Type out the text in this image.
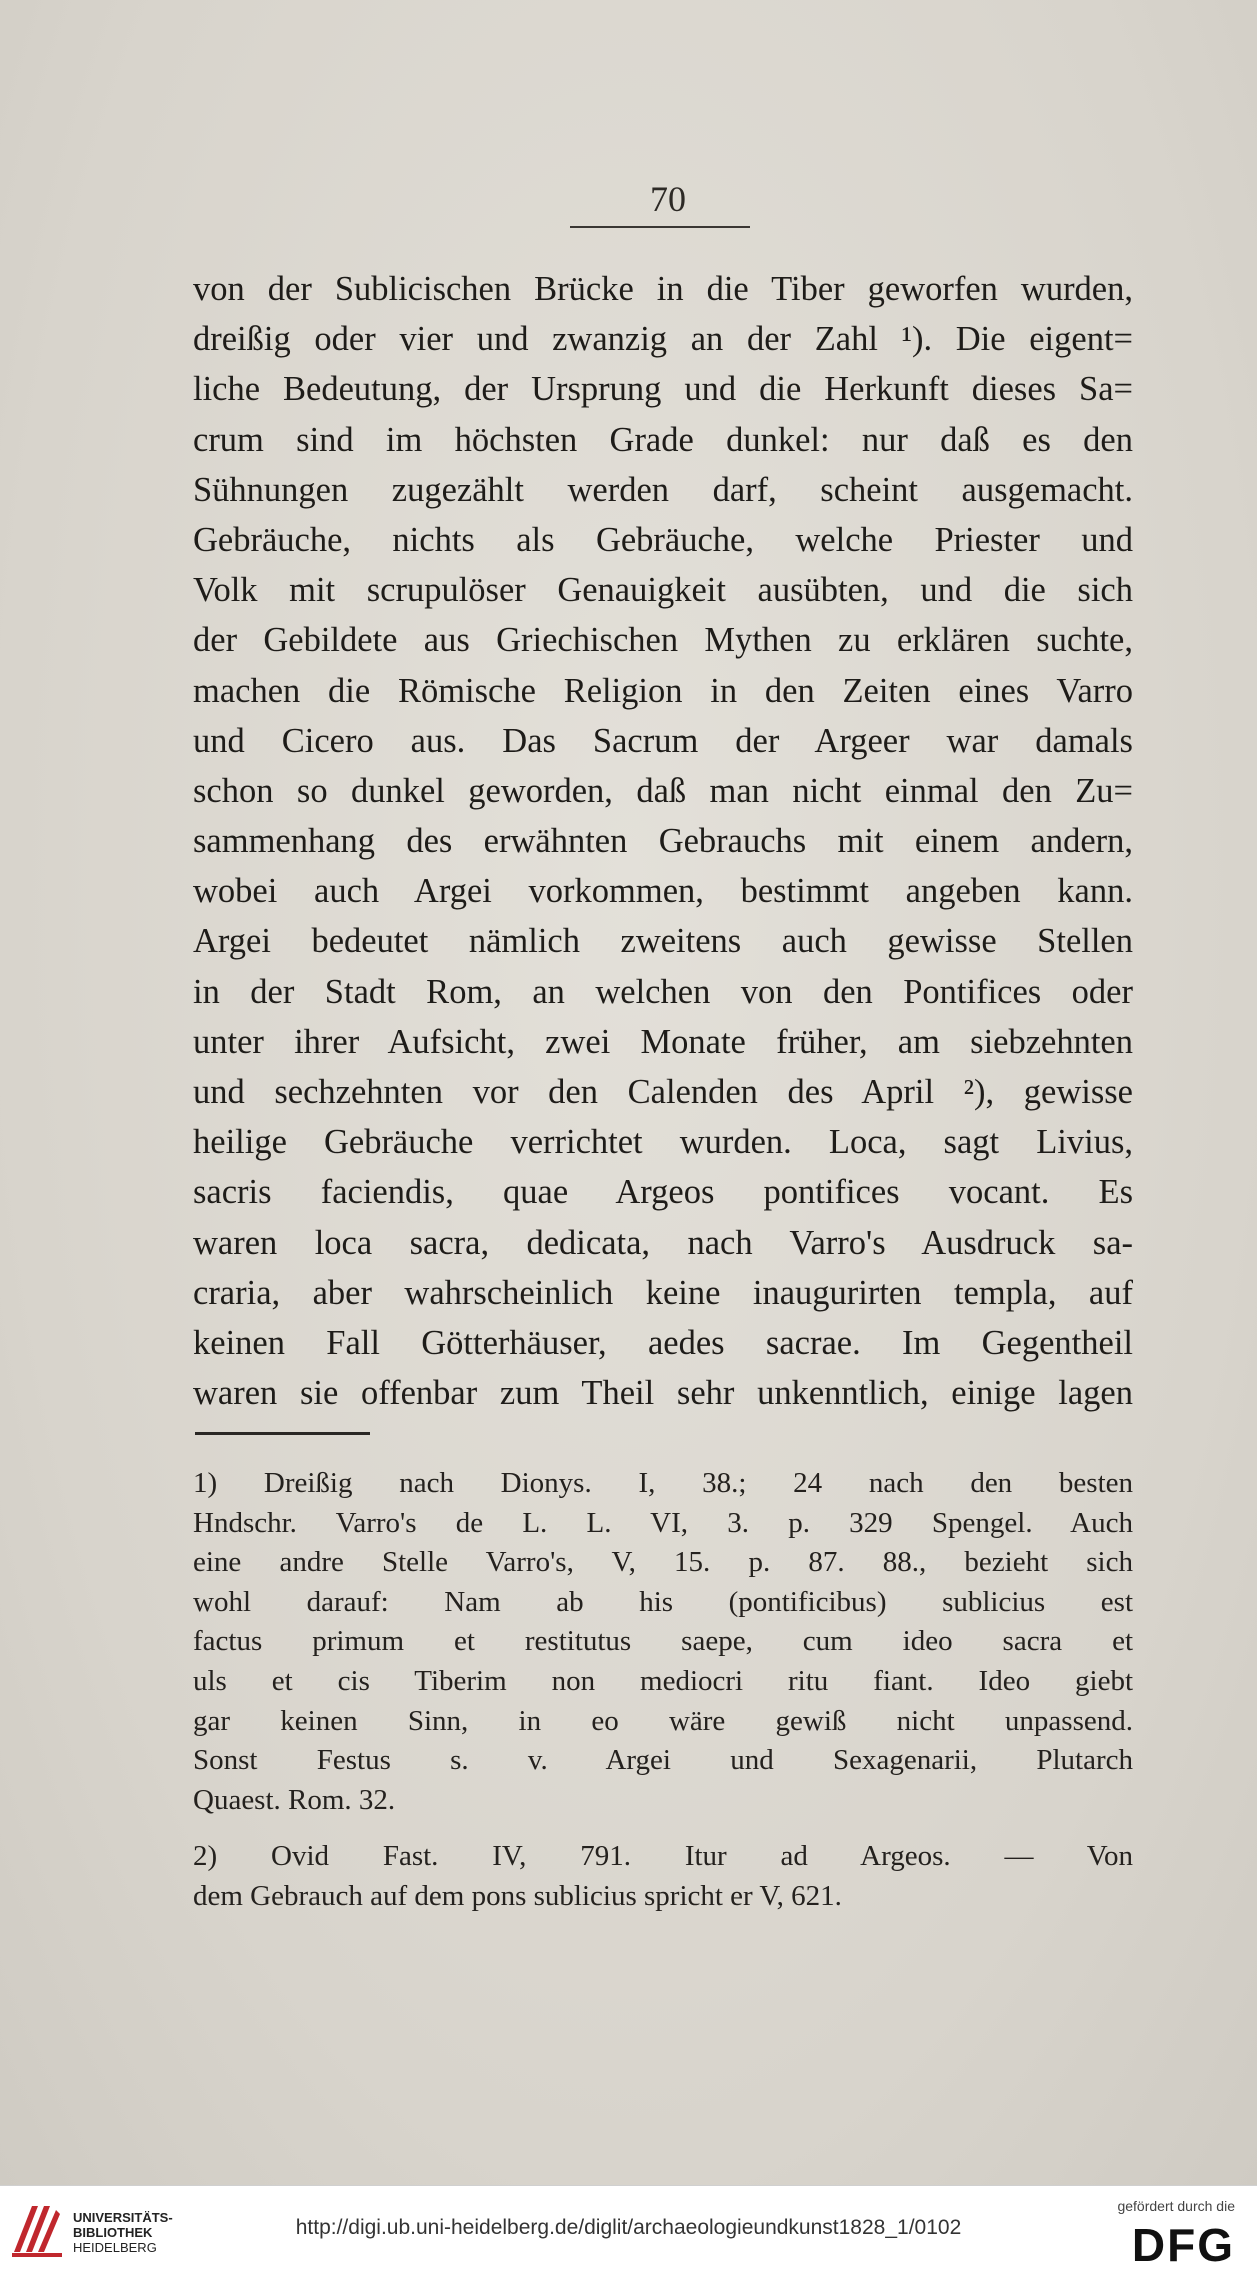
70
von der Sublicischen Brücke in die Tiber geworfen wurden,
dreißig oder vier und zwanzig an der Zahl ¹). Die eigent=
liche Bedeutung, der Ursprung und die Herkunft dieses Sa=
crum sind im höchsten Grade dunkel: nur daß es den
Sühnungen zugezählt werden darf, scheint ausgemacht.
Gebräuche, nichts als Gebräuche, welche Priester und
Volk mit scrupulöser Genauigkeit ausübten, und die sich
der Gebildete aus Griechischen Mythen zu erklären suchte,
machen die Römische Religion in den Zeiten eines Varro
und Cicero aus. Das Sacrum der Argeer war damals
schon so dunkel geworden, daß man nicht einmal den Zu=
sammenhang des erwähnten Gebrauchs mit einem andern,
wobei auch Argei vorkommen, bestimmt angeben kann.
Argei bedeutet nämlich zweitens auch gewisse Stellen
in der Stadt Rom, an welchen von den Pontifices oder
unter ihrer Aufsicht, zwei Monate früher, am siebzehnten
und sechzehnten vor den Calenden des April ²), gewisse
heilige Gebräuche verrichtet wurden. Loca, sagt Livius,
sacris faciendis, quae Argeos pontifices vocant. Es
waren loca sacra, dedicata, nach Varro's Ausdruck sa-
craria, aber wahrscheinlich keine inaugurirten templa, auf
keinen Fall Götterhäuser, aedes sacrae. Im Gegentheil
waren sie offenbar zum Theil sehr unkenntlich, einige lagen
1) Dreißig nach Dionys. I, 38.; 24 nach den besten
Hndschr. Varro's de L. L. VI, 3. p. 329 Spengel. Auch
eine andre Stelle Varro's, V, 15. p. 87. 88., bezieht sich
wohl darauf: Nam ab his (pontificibus) sublicius est
factus primum et restitutus saepe, cum ideo sacra et
uls et cis Tiberim non mediocri ritu fiant. Ideo giebt
gar keinen Sinn, in eo wäre gewiß nicht unpassend.
Sonst Festus s. v. Argei und Sexagenarii, Plutarch
Quaest. Rom. 32.
2) Ovid Fast. IV, 791. Itur ad Argeos. — Von
dem Gebrauch auf dem pons sublicius spricht er V, 621.
UNIVERSITÄTS-
BIBLIOTHEK
HEIDELBERG
http://digi.ub.uni-heidelberg.de/diglit/archaeologieundkunst1828_1/0102
gefördert durch die
DFG
